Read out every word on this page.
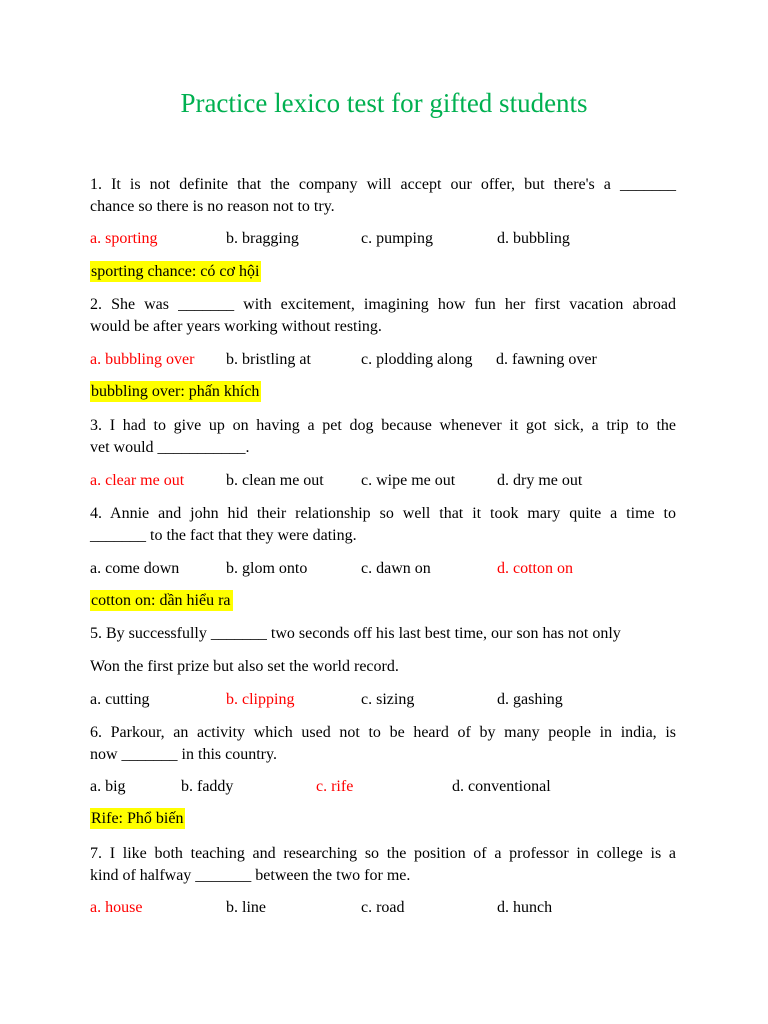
Practice lexico test for gifted students
1. It is not definite that the company will accept our offer, but there's a _______
chance so there is no reason not to try.
a. sporting	b. bragging	c. pumping	d. bubbling
sporting chance: có cơ hội
2. She was _______ with excitement, imagining how fun her first vacation abroad
would be after years working without resting.
a. bubbling over b. bristling at	c. plodding along d. fawning over
bubbling over: phấn khích
3. I had to give up on having a pet dog because whenever it got sick, a trip to the
vet would ___________.
a. clear me out	b. clean me out c. wipe me out	d. dry me out
4. Annie and john hid their relationship so well that it took mary quite a time to
_______ to the fact that they were dating.
a. come down	b. glom onto	c. dawn on	d. cotton on
cotton on: dần hiểu ra
5. By successfully _______ two seconds off his last best time, our son has not only
Won the first prize but also set the world record.
a. cutting	b. clipping	c. sizing	d. gashing
6. Parkour, an activity which used not to be heard of by many people in india, is
now _______ in this country.
a. big	b. faddy	c. rife	d. conventional
Rife: Phổ biến
7. I like both teaching and researching so the position of a professor in college is a
kind of halfway _______ between the two for me.
a. house	b. line	c. road	d. hunch
